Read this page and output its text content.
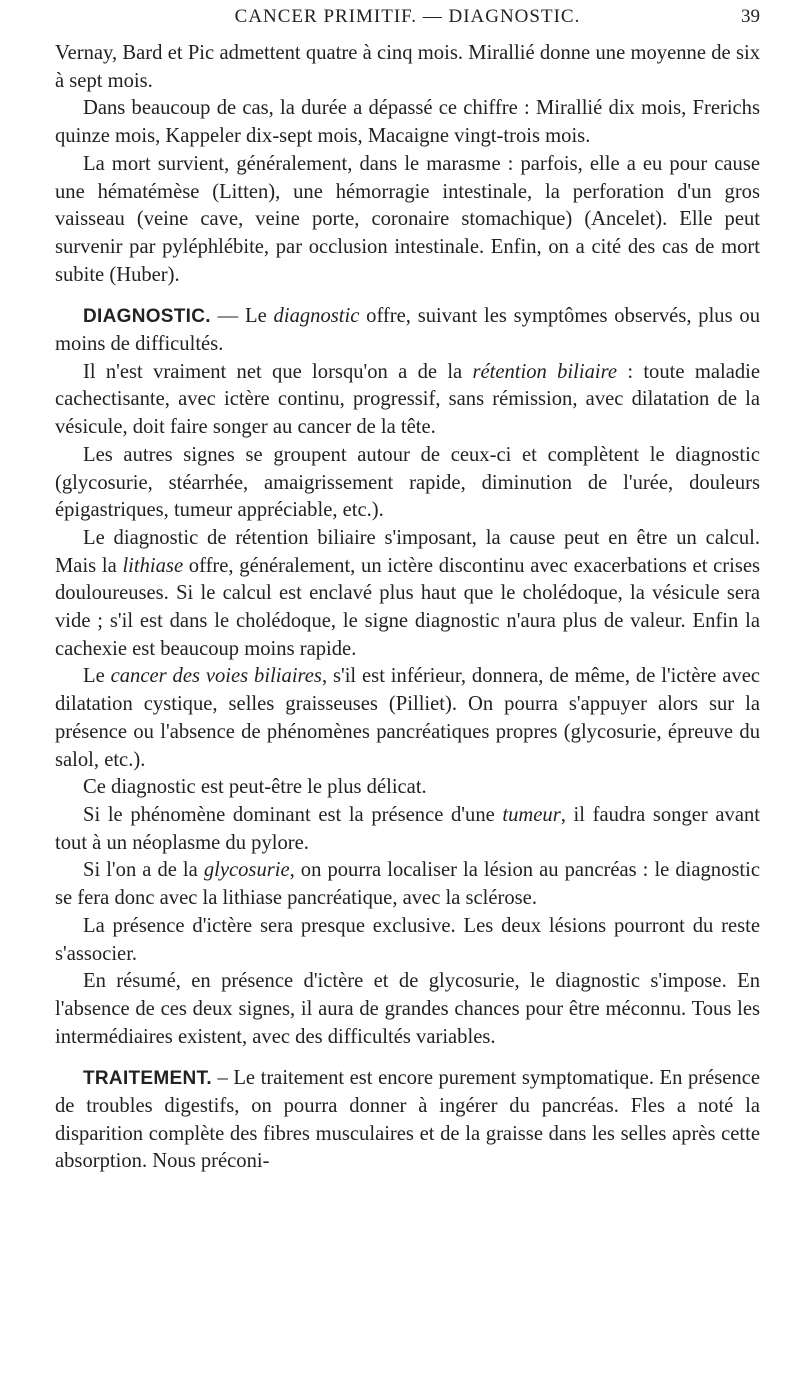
CANCER PRIMITIF. — DIAGNOSTIC.	39

Vernay, Bard et Pic admettent quatre à cinq mois. Mirallié donne une moyenne de six à sept mois.

Dans beaucoup de cas, la durée a dépassé ce chiffre : Mirallié dix mois, Frerichs quinze mois, Kappeler dix-sept mois, Macaigne vingt-trois mois.

La mort survient, généralement, dans le marasme : parfois, elle a eu pour cause une hématémèse (Litten), une hémorragie intestinale, la perforation d'un gros vaisseau (veine cave, veine porte, coronaire stomachique) (Ancelet). Elle peut survenir par pyléphlébite, par occlusion intestinale. Enfin, on a cité des cas de mort subite (Huber).

DIAGNOSTIC. — Le diagnostic offre, suivant les symptômes observés, plus ou moins de difficultés.

Il n'est vraiment net que lorsqu'on a de la rétention biliaire : toute maladie cachectisante, avec ictère continu, progressif, sans rémission, avec dilatation de la vésicule, doit faire songer au cancer de la tête.

Les autres signes se groupent autour de ceux-ci et complètent le diagnostic (glycosurie, stéarrhée, amaigrissement rapide, diminution de l'urée, douleurs épigastriques, tumeur appréciable, etc.).

Le diagnostic de rétention biliaire s'imposant, la cause peut en être un calcul. Mais la lithiase offre, généralement, un ictère discontinu avec exacerbations et crises douloureuses. Si le calcul est enclavé plus haut que le cholédoque, la vésicule sera vide ; s'il est dans le cholédoque, le signe diagnostic n'aura plus de valeur. Enfin la cachexie est beaucoup moins rapide.

Le cancer des voies biliaires, s'il est inférieur, donnera, de même, de l'ictère avec dilatation cystique, selles graisseuses (Pilliet). On pourra s'appuyer alors sur la présence ou l'absence de phénomènes pancréatiques propres (glycosurie, épreuve du salol, etc.).

Ce diagnostic est peut-être le plus délicat.

Si le phénomène dominant est la présence d'une tumeur, il faudra songer avant tout à un néoplasme du pylore.

Si l'on a de la glycosurie, on pourra localiser la lésion au pancréas : le diagnostic se fera donc avec la lithiase pancréatique, avec la sclérose.

La présence d'ictère sera presque exclusive. Les deux lésions pourront du reste s'associer.

En résumé, en présence d'ictère et de glycosurie, le diagnostic s'impose. En l'absence de ces deux signes, il aura de grandes chances pour être méconnu. Tous les intermédiaires existent, avec des difficultés variables.

TRAITEMENT. – Le traitement est encore purement symptomatique. En présence de troubles digestifs, on pourra donner à ingérer du pancréas. Fles a noté la disparition complète des fibres musculaires et de la graisse dans les selles après cette absorption. Nous préconi-
